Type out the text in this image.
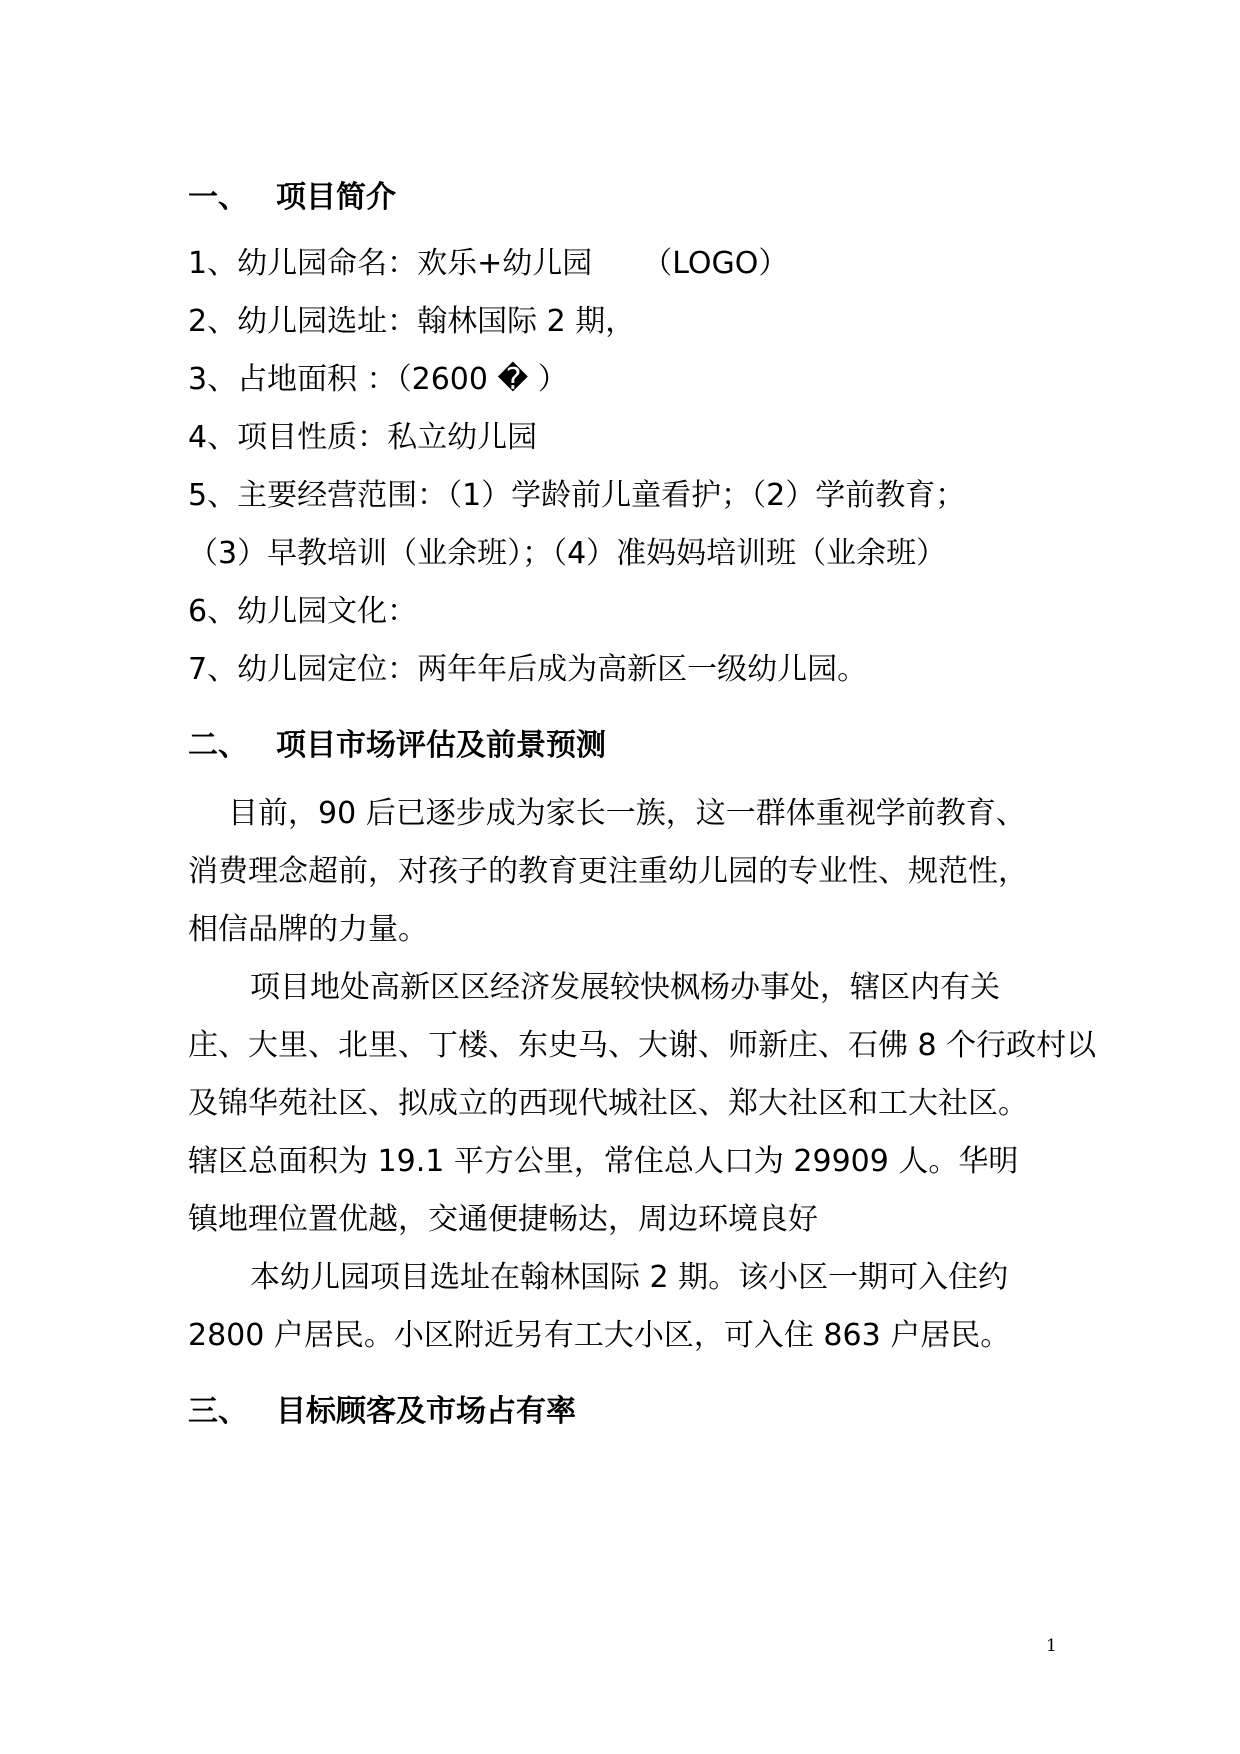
一、 项目简介
1、幼儿园命名：欢乐+幼儿园 （LOGO）
2、幼儿园选址：翰林国际 2 期，
3、占地面积 ：（2600 � ）
4、项目性质：私立幼儿园
5、主要经营范围：（1）学龄前儿童看护；（2）学前教育；
（3）早教培训（业余班）；（4）准妈妈培训班（业余班）
6、幼儿园文化：
7、幼儿园定位：两年年后成为高新区一级幼儿园。
二、 项目市场评估及前景预测
目前，90 后已逐步成为家长一族，这一群体重视学前教育、
消费理念超前，对孩子的教育更注重幼儿园的专业性、规范性，
相信品牌的力量。
项目地处高新区区经济发展较快枫杨办事处，辖区内有关
庄、大里、北里、丁楼、东史马、大谢、师新庄、石佛 8 个行政村以
及锦华苑社区、拟成立的西现代城社区、郑大社区和工大社区。
辖区总面积为 19.1 平方公里，常住总人口为 29909 人。华明
镇地理位置优越，交通便捷畅达，周边环境良好
本幼儿园项目选址在翰林国际 2 期。该小区一期可入住约
2800 户居民。小区附近另有工大小区，可入住 863 户居民。
三、 目标顾客及市场占有率
1
